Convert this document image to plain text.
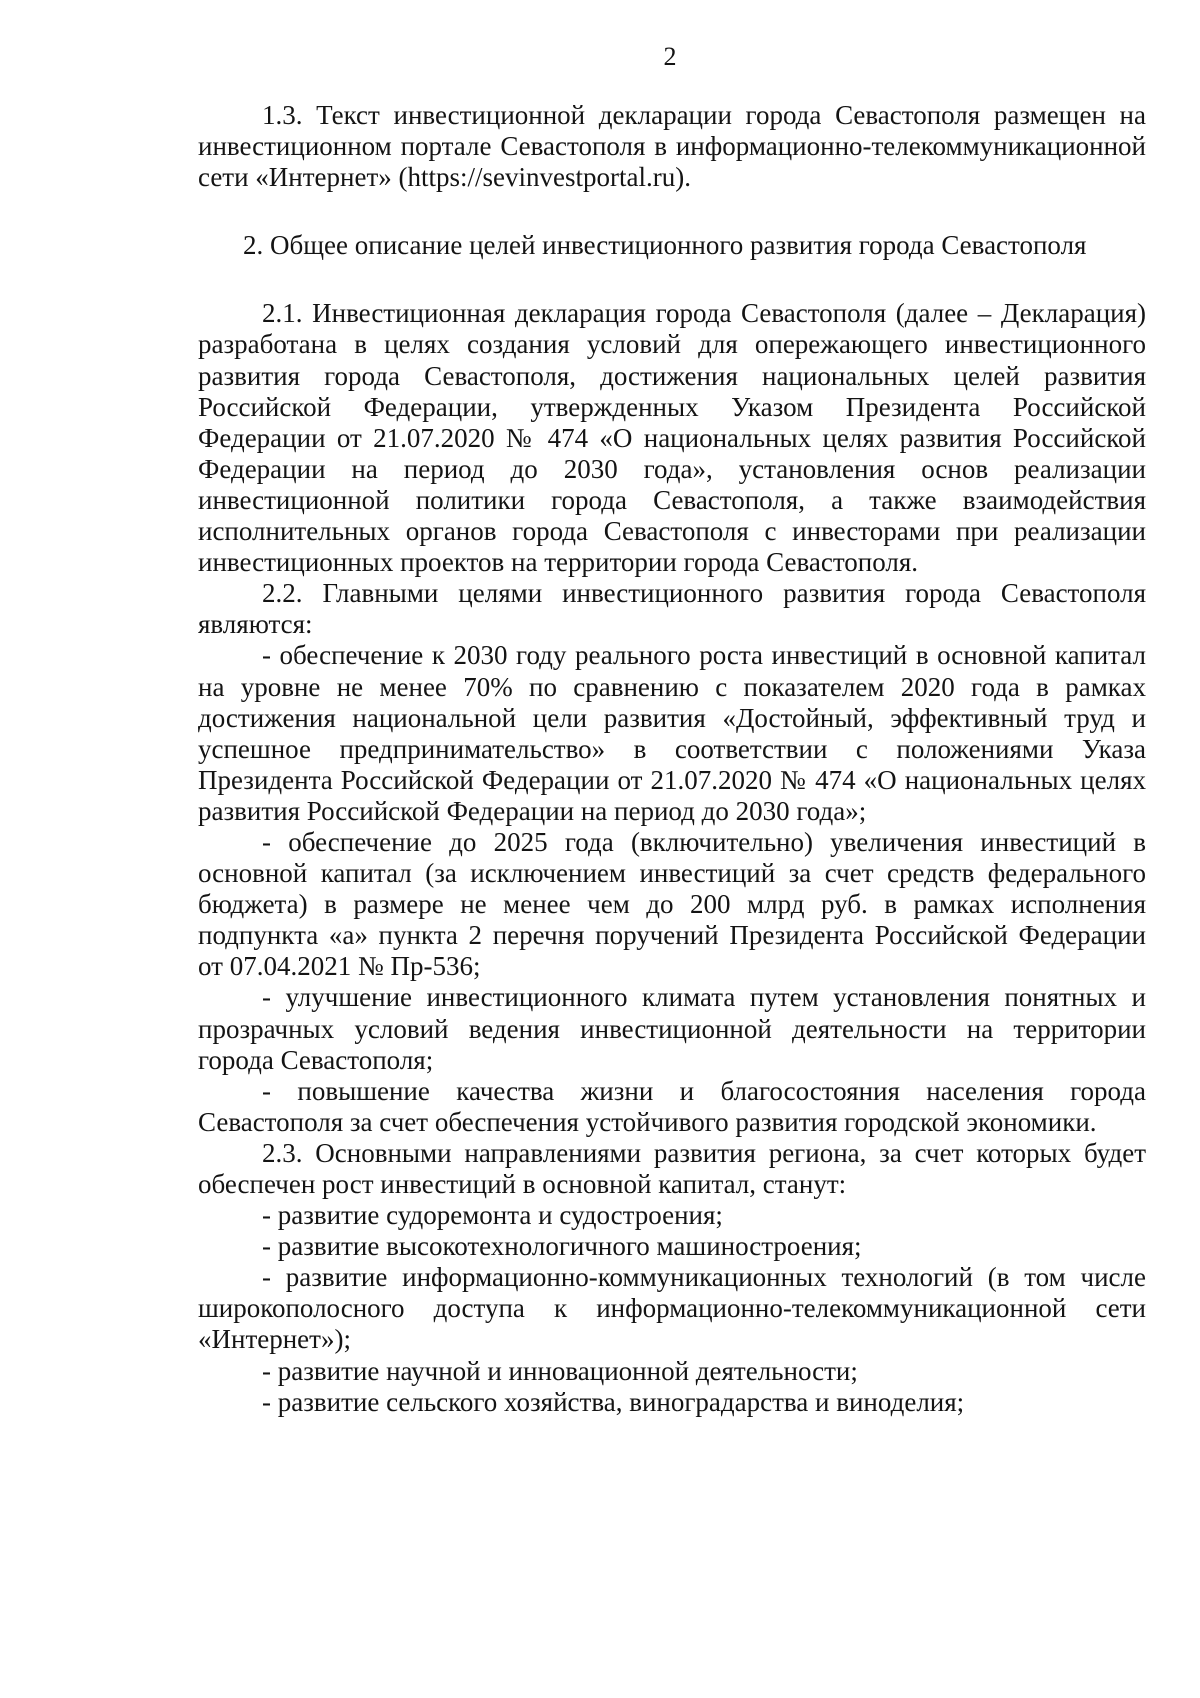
2

1.3. Текст инвестиционной декларации города Севастополя размещен на инвестиционном портале Севастополя в информационно-телекоммуникационной сети «Интернет» (https://sevinvestportal.ru).

2. Общее описание целей инвестиционного развития города Севастополя

2.1. Инвестиционная декларация города Севастополя (далее – Декларация) разработана в целях создания условий для опережающего инвестиционного развития города Севастополя, достижения национальных целей развития Российской Федерации, утвержденных Указом Президента Российской Федерации от 21.07.2020 № 474 «О национальных целях развития Российской Федерации на период до 2030 года», установления основ реализации инвестиционной политики города Севастополя, а также взаимодействия исполнительных органов города Севастополя с инвесторами при реализации инвестиционных проектов на территории города Севастополя.

2.2. Главными целями инвестиционного развития города Севастополя являются:

- обеспечение к 2030 году реального роста инвестиций в основной капитал на уровне не менее 70% по сравнению с показателем 2020 года в рамках достижения национальной цели развития «Достойный, эффективный труд и успешное предпринимательство» в соответствии с положениями Указа Президента Российской Федерации от 21.07.2020 № 474 «О национальных целях развития Российской Федерации на период до 2030 года»;

- обеспечение до 2025 года (включительно) увеличения инвестиций в основной капитал (за исключением инвестиций за счет средств федерального бюджета) в размере не менее чем до 200 млрд руб. в рамках исполнения подпункта «а» пункта 2 перечня поручений Президента Российской Федерации от 07.04.2021 № Пр-536;

- улучшение инвестиционного климата путем установления понятных и прозрачных условий ведения инвестиционной деятельности на территории города Севастополя;

- повышение качества жизни и благосостояния населения города Севастополя за счет обеспечения устойчивого развития городской экономики.

2.3. Основными направлениями развития региона, за счет которых будет обеспечен рост инвестиций в основной капитал, станут:

- развитие судоремонта и судостроения;

- развитие высокотехнологичного машиностроения;

- развитие информационно-коммуникационных технологий (в том числе широкополосного доступа к информационно-телекоммуникационной сети «Интернет»);

- развитие научной и инновационной деятельности;

- развитие сельского хозяйства, виноградарства и виноделия;
